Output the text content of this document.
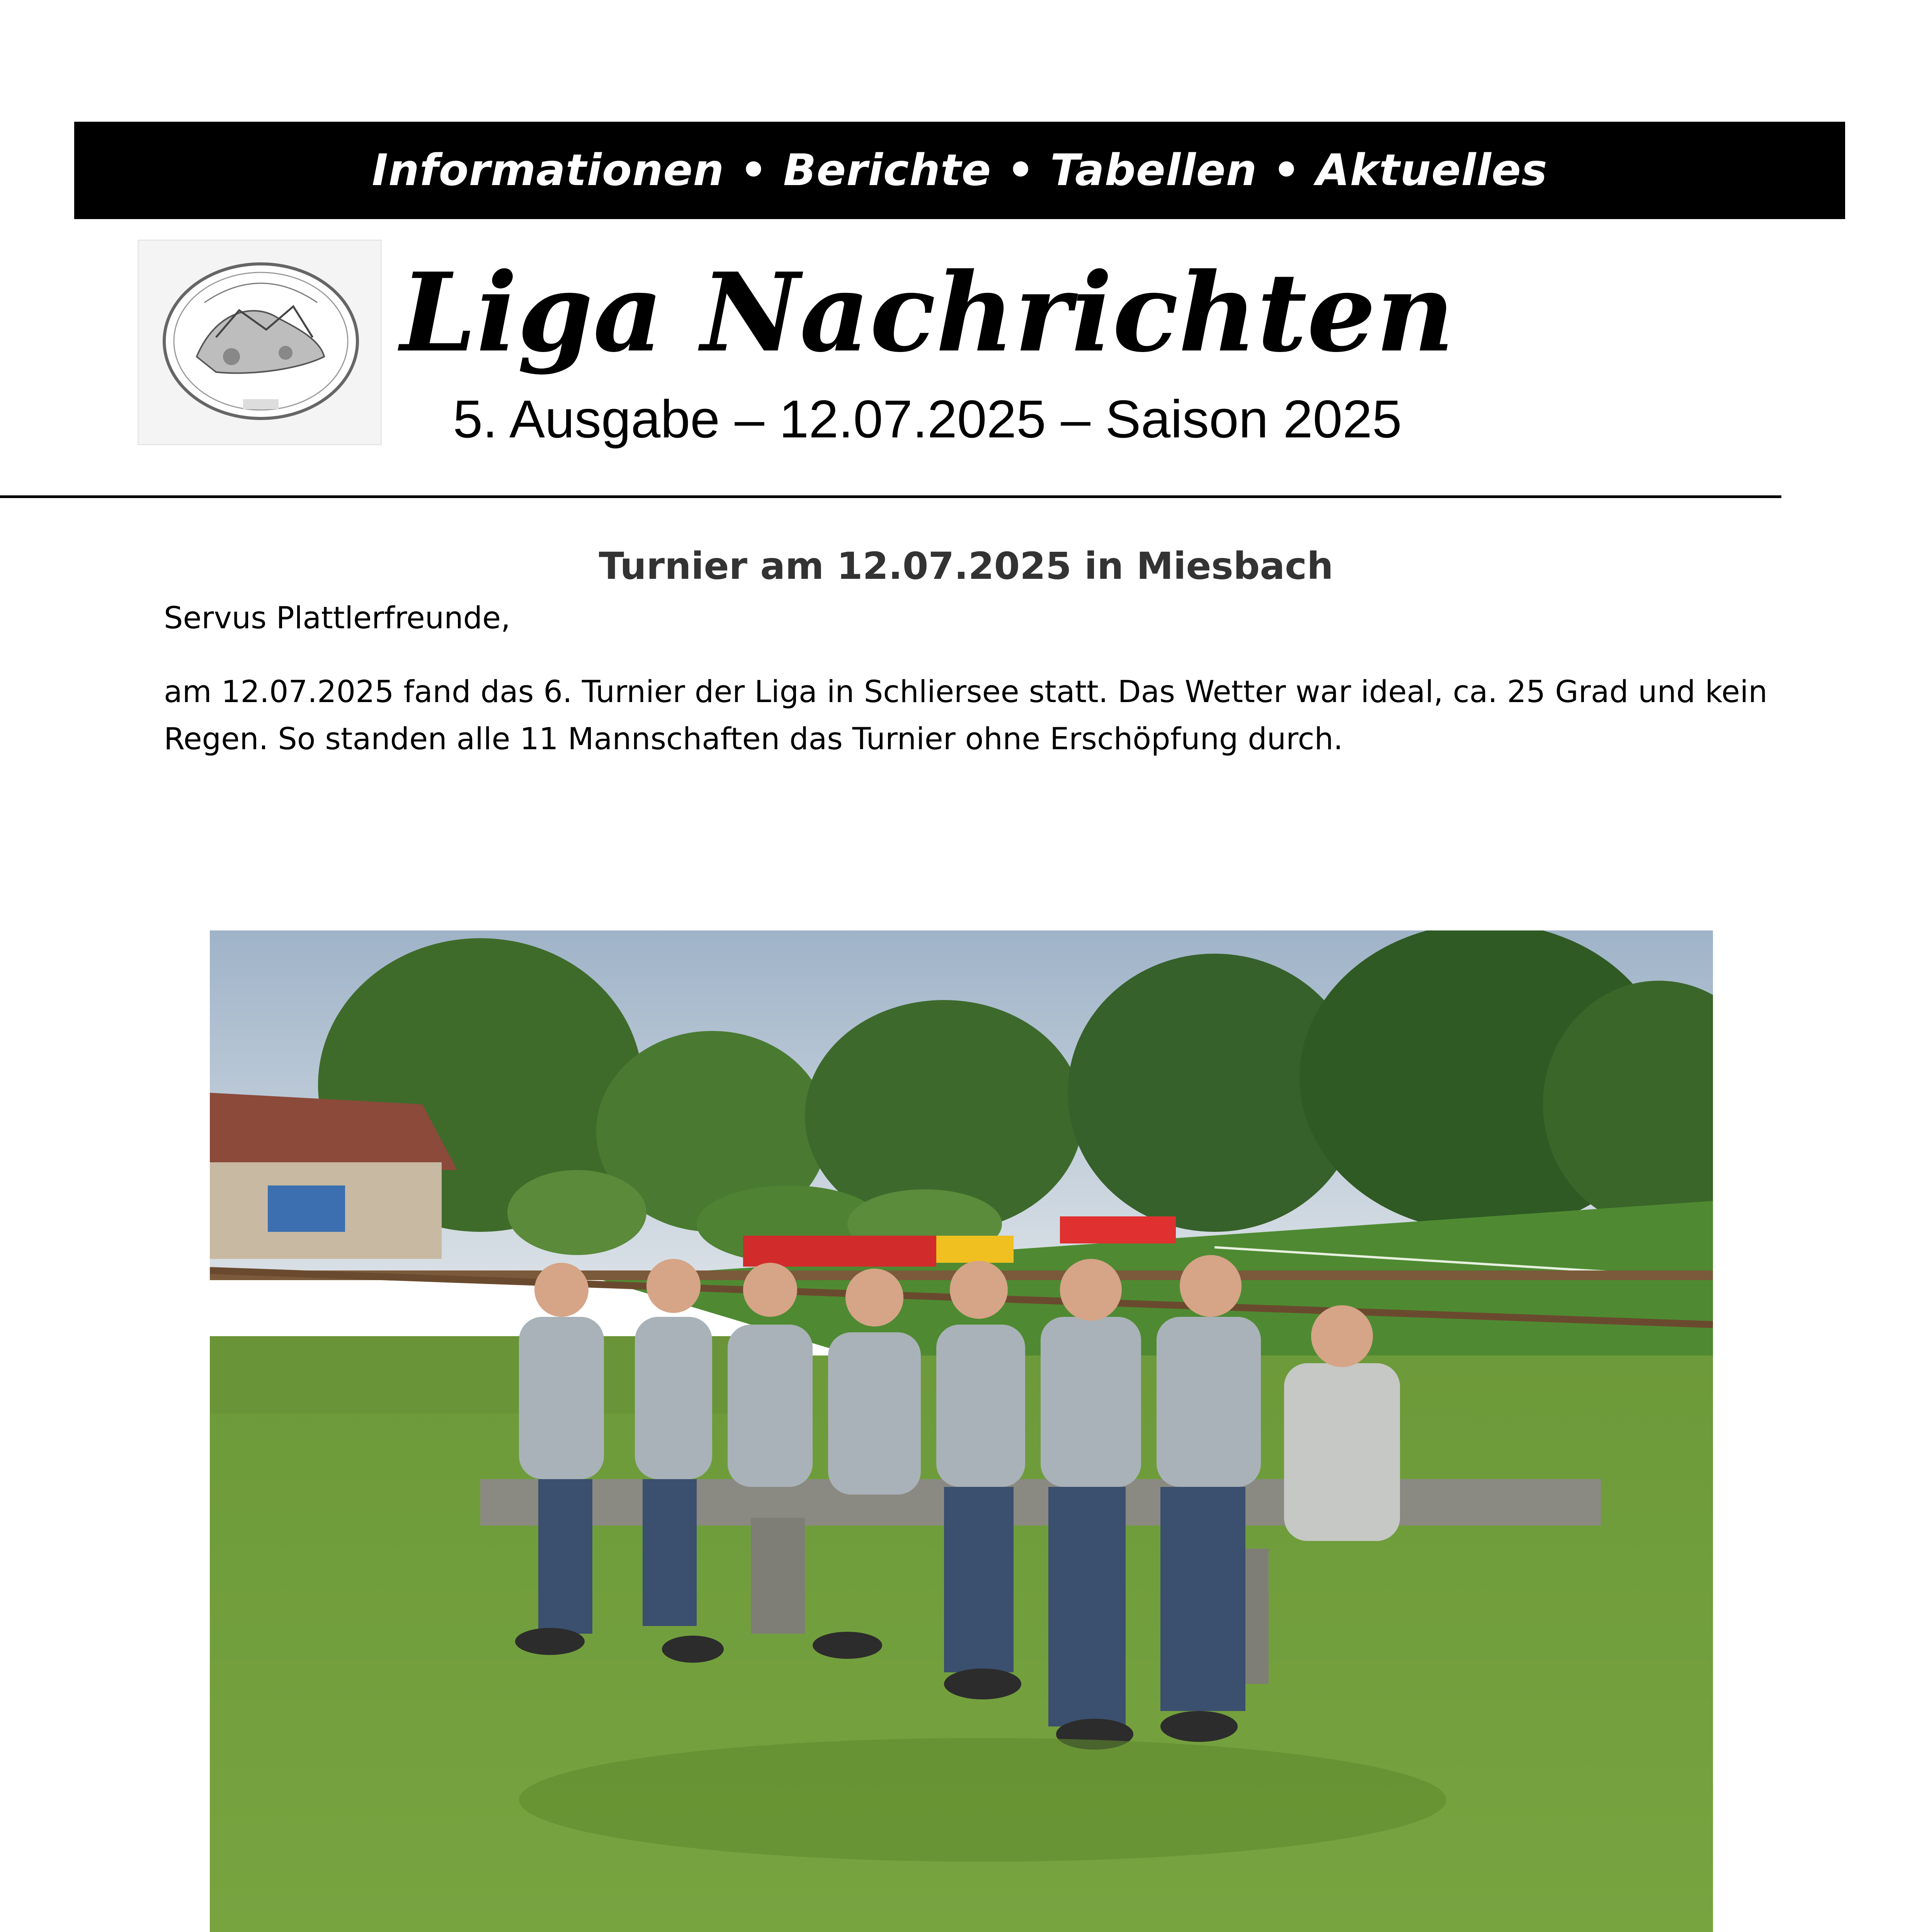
Informationen • Berichte • Tabellen • Aktuelles
Liga Nachrichten
5. Ausgabe – 12.07.2025 – Saison 2025
Turnier am 12.07.2025 in Miesbach
Servus Plattlerfreunde,
am 12.07.2025 fand das 6. Turnier der Liga in Schliersee statt. Das Wetter war ideal, ca. 25 Grad und kein Regen. So standen alle 11 Mannschaften das Turnier ohne Erschöpfung durch.
